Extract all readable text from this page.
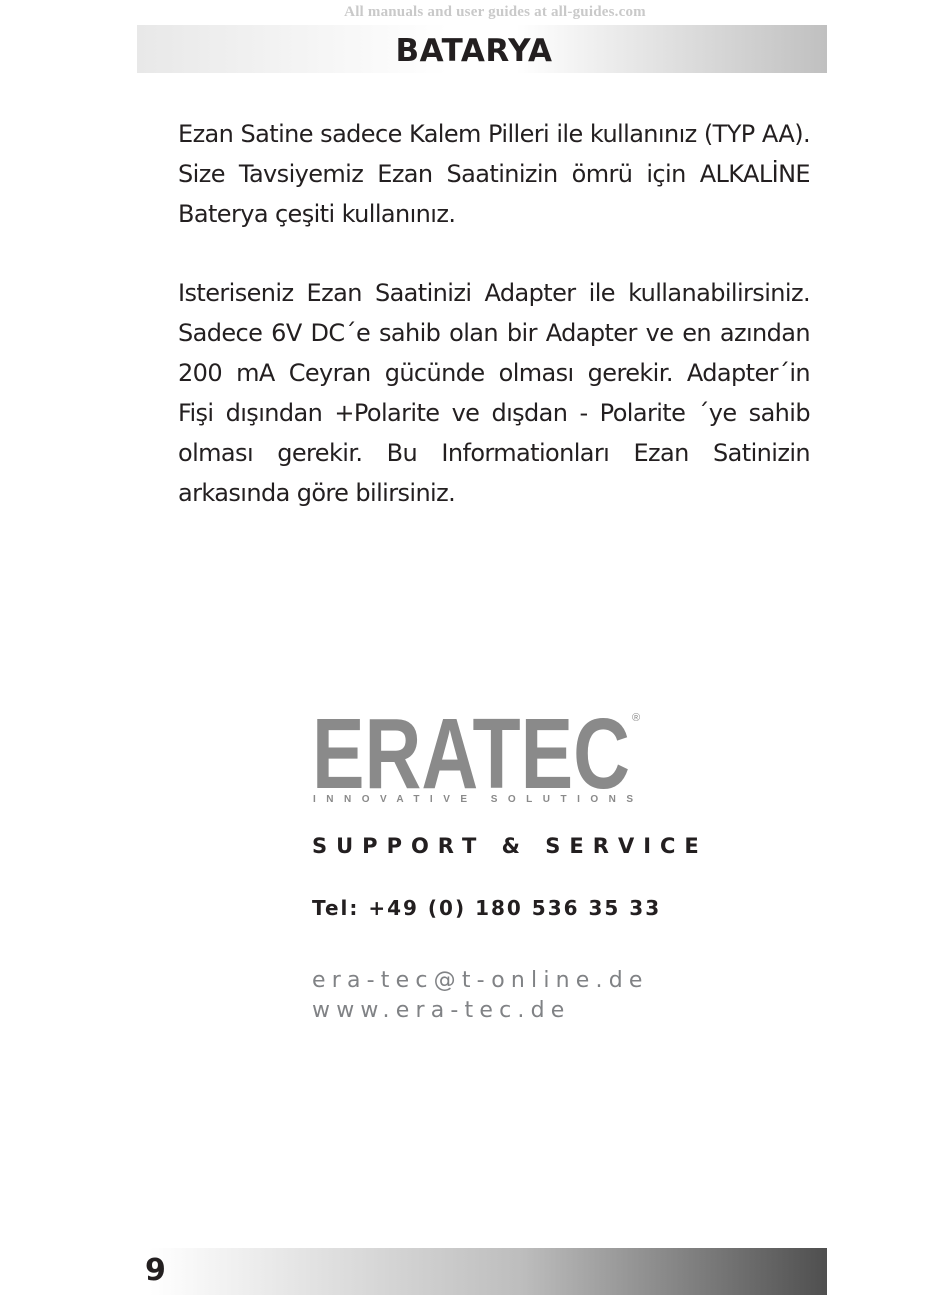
All manuals and user guides at all-guides.com
BATARYA

Ezan Satine sadece Kalem Pilleri ile kullanınız (TYP AA). Size Tavsiyemiz Ezan Saatinizin ömrü için ALKALİNE Baterya çeşiti kullanınız.

Isteriseniz Ezan Saatinizi Adapter ile kullanabilirsiniz. Sadece 6V DC´e sahib olan bir Adapter ve en azından 200 mA Ceyran gücünde olması gerekir. Adapter´in Fişi dışından +Polarite ve dışdan - Polarite ´ye sahib olması gerekir. Bu Informationları Ezan Satinizin arkasında göre bilirsiniz.

ERATEC ®
INNOVATIVE SOLUTIONS
SUPPORT & SERVICE
Tel: +49 (0) 180 536 35 33
era-tec@t-online.de
www.era-tec.de
9
